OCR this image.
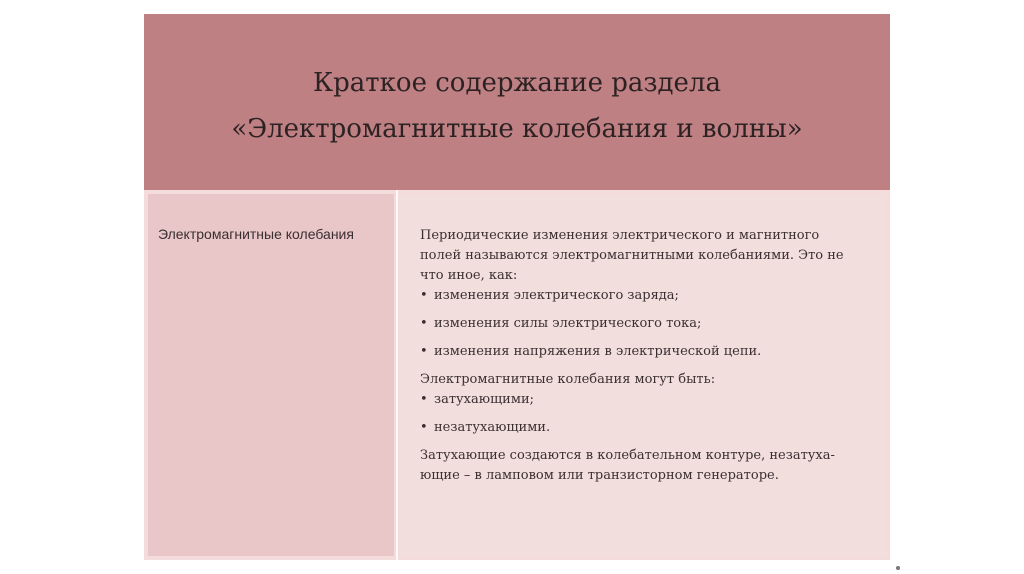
Краткое содержание раздела
«Электромагнитные колебания и волны»
Электромагнитные колебания	Периодические изменения электрического и магнитного

полей называются электромагнитными колебаниями. Это не

что иное, как:

• изменения электрического заряда;
• изменения силы электрического тока;
• изменения напряжения в электрической цепи.

Электромагнитные колебания могут быть:

• затухающими;
• незатухающими.

Затухающие создаются в колебательном контуре, незатуха-

ющие – в ламповом или транзисторном генераторе.
